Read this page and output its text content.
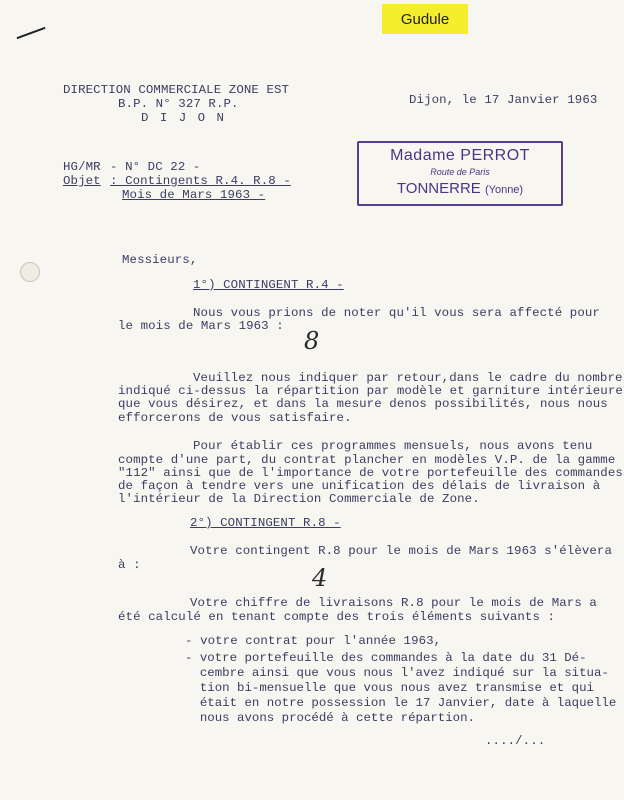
Gudule
DIRECTION COMMERCIALE ZONE EST
B.P. N° 327 R.P.
D I J O N
Dijon, le 17 Janvier 1963
HG/MR - N° DC 22 -
Objet : Contingents R.4. R.8 -
Mois de Mars 1963 -
Madame PERROT
Route de Paris
TONNERRE (Yonne)
Messieurs,
1°) CONTINGENT R.4 -
Nous vous prions de noter qu'il vous sera affecté pour
le mois de Mars 1963 :
8
Veuillez nous indiquer par retour,dans le cadre du nombre
indiqué ci-dessus la répartition par modèle et garniture intérieure
que vous désirez, et dans la mesure denos possibilités, nous nous
efforcerons de vous satisfaire.
Pour établir ces programmes mensuels, nous avons tenu
compte d'une part, du contrat plancher en modèles V.P. de la gamme
"112" ainsi que de l'importance de votre portefeuille des commandes
de façon à tendre vers une unification des délais de livraison à
l'intérieur de la Direction Commerciale de Zone.
2°) CONTINGENT R.8 -
Votre contingent R.8 pour le mois de Mars 1963 s'élèvera
à :	4
Votre chiffre de livraisons R.8 pour le mois de Mars a
été calculé en tenant compte des trois éléments suivants :
- votre contrat pour l'année 1963,
- votre portefeuille des commandes à la date du 31 Dé-
cembre ainsi que vous nous l'avez indiqué sur la situa-
tion bi-mensuelle que vous nous avez transmise et qui
était en notre possession le 17 Janvier, date à laquelle
nous avons procédé à cette répartion.
..../...
